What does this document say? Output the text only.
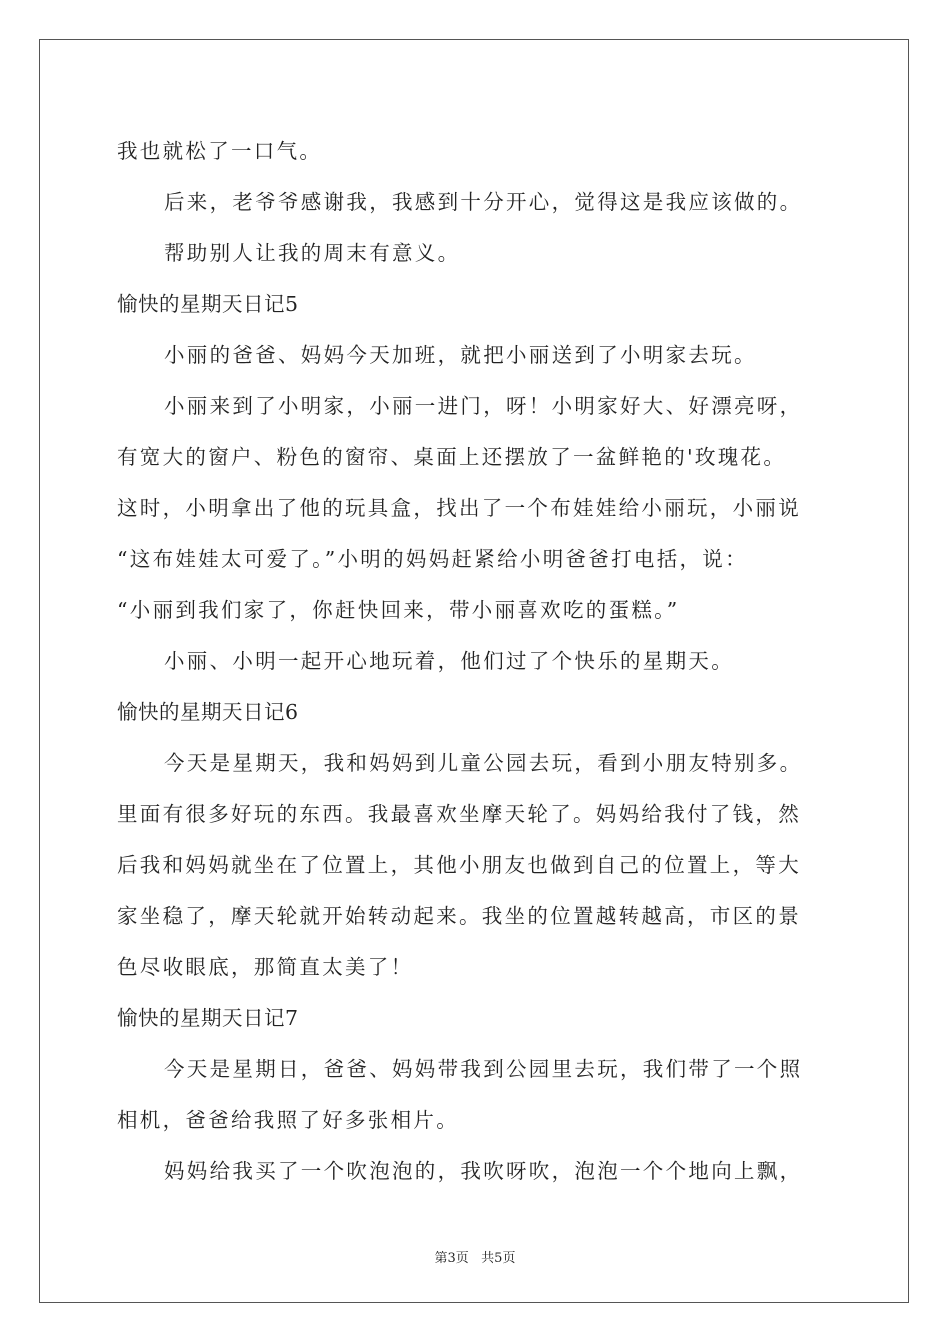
我也就松了一口气。
后来，老爷爷感谢我，我感到十分开心，觉得这是我应该做的。
帮助别人让我的周末有意义。
愉快的星期天日记5
小丽的爸爸、妈妈今天加班，就把小丽送到了小明家去玩。
小丽来到了小明家，小丽一进门，呀！小明家好大、好漂亮呀，
有宽大的窗户、粉色的窗帘、桌面上还摆放了一盆鲜艳的'玫瑰花。
这时，小明拿出了他的玩具盒，找出了一个布娃娃给小丽玩，小丽说
“这布娃娃太可爱了。”小明的妈妈赶紧给小明爸爸打电括，说：
“小丽到我们家了，你赶快回来，带小丽喜欢吃的蛋糕。”
小丽、小明一起开心地玩着，他们过了个快乐的星期天。
愉快的星期天日记6
今天是星期天，我和妈妈到儿童公园去玩，看到小朋友特别多。
里面有很多好玩的东西。我最喜欢坐摩天轮了。妈妈给我付了钱，然
后我和妈妈就坐在了位置上，其他小朋友也做到自己的位置上，等大
家坐稳了，摩天轮就开始转动起来。我坐的位置越转越高，市区的景
色尽收眼底，那简直太美了！
愉快的星期天日记7
今天是星期日，爸爸、妈妈带我到公园里去玩，我们带了一个照
相机，爸爸给我照了好多张相片。
妈妈给我买了一个吹泡泡的，我吹呀吹，泡泡一个个地向上飘，
第3页   共5页
